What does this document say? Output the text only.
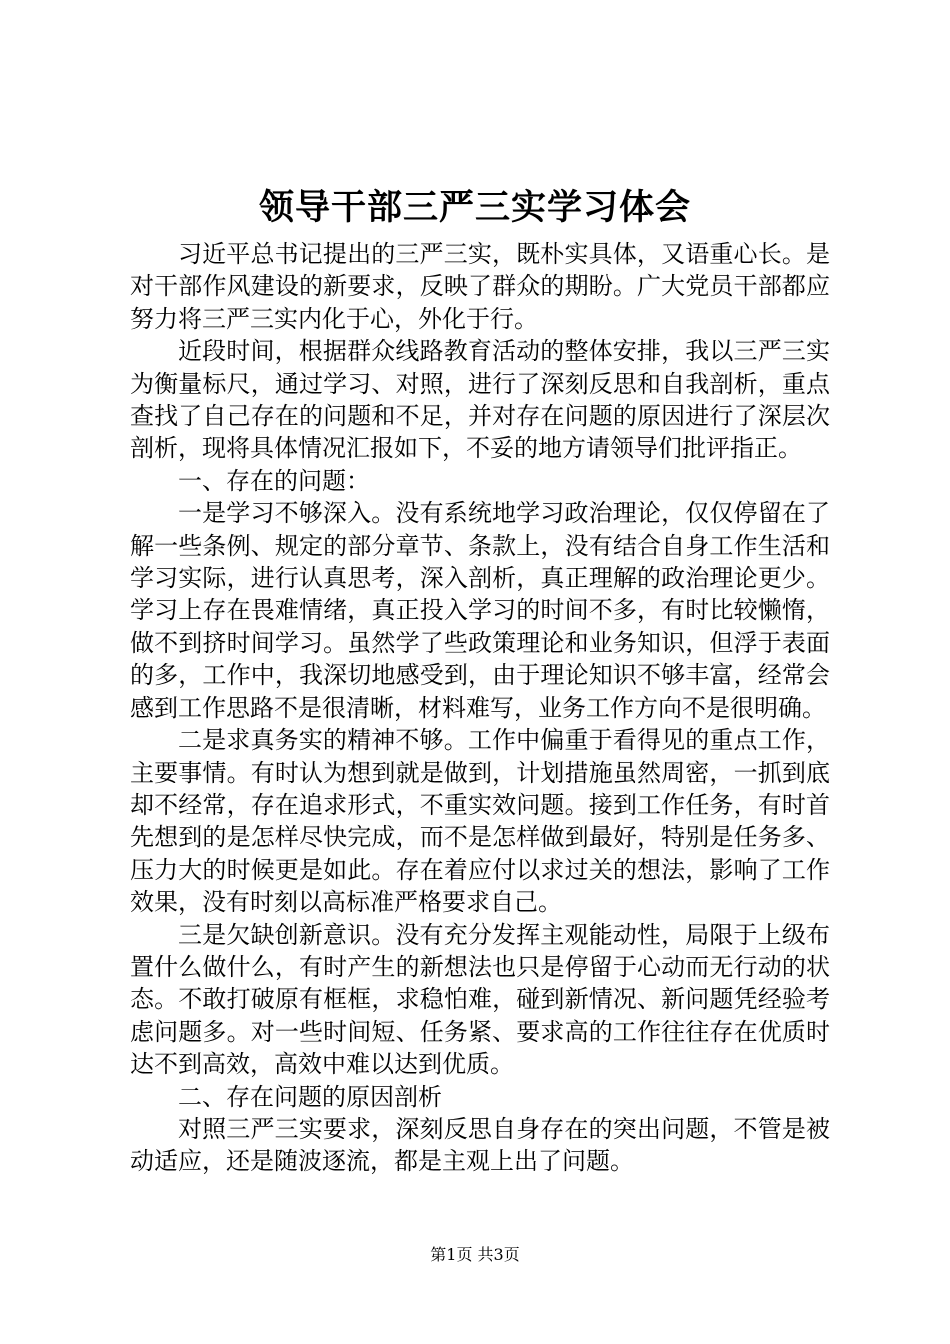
领导干部三严三实学习体会

习近平总书记提出的三严三实，既朴实具体，又语重心长。是对干部作风建设的新要求，反映了群众的期盼。广大党员干部都应努力将三严三实内化于心，外化于行。

近段时间，根据群众线路教育活动的整体安排，我以三严三实为衡量标尺，通过学习、对照，进行了深刻反思和自我剖析，重点查找了自己存在的问题和不足，并对存在问题的原因进行了深层次剖析，现将具体情况汇报如下，不妥的地方请领导们批评指正。

一、存在的问题：

一是学习不够深入。没有系统地学习政治理论，仅仅停留在了解一些条例、规定的部分章节、条款上，没有结合自身工作生活和学习实际，进行认真思考，深入剖析，真正理解的政治理论更少。学习上存在畏难情绪，真正投入学习的时间不多，有时比较懒惰，做不到挤时间学习。虽然学了些政策理论和业务知识，但浮于表面的多，工作中，我深切地感受到，由于理论知识不够丰富，经常会感到工作思路不是很清晰，材料难写，业务工作方向不是很明确。

二是求真务实的精神不够。工作中偏重于看得见的重点工作，主要事情。有时认为想到就是做到，计划措施虽然周密，一抓到底却不经常，存在追求形式，不重实效问题。接到工作任务，有时首先想到的是怎样尽快完成，而不是怎样做到最好，特别是任务多、压力大的时候更是如此。存在着应付以求过关的想法，影响了工作效果，没有时刻以高标准严格要求自己。

三是欠缺创新意识。没有充分发挥主观能动性，局限于上级布置什么做什么，有时产生的新想法也只是停留于心动而无行动的状态。不敢打破原有框框，求稳怕难，碰到新情况、新问题凭经验考虑问题多。对一些时间短、任务紧、要求高的工作往往存在优质时达不到高效，高效中难以达到优质。

二、存在问题的原因剖析

对照三严三实要求，深刻反思自身存在的突出问题，不管是被动适应，还是随波逐流，都是主观上出了问题。

第1页 共3页
